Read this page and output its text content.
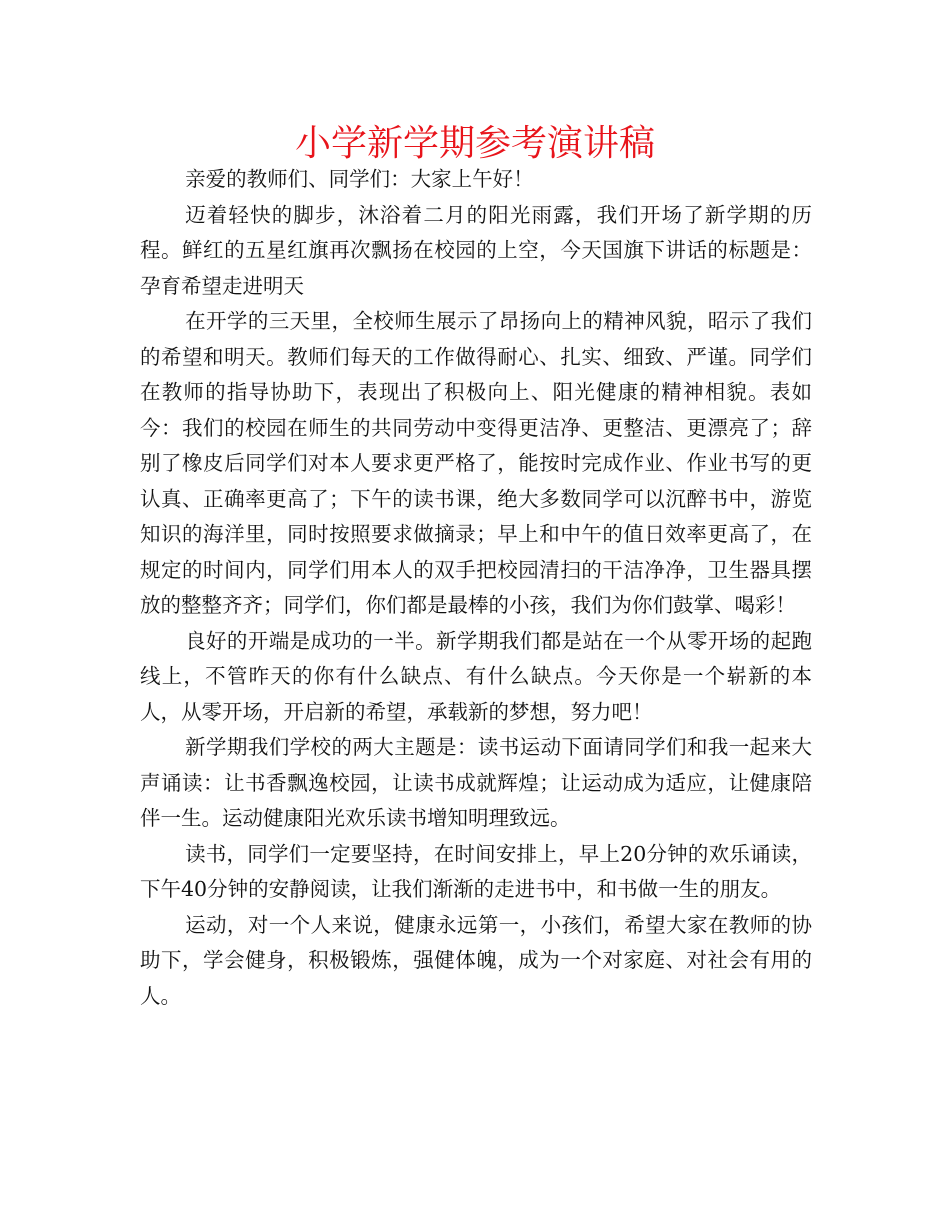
小学新学期参考演讲稿

亲爱的教师们、同学们：大家上午好！

迈着轻快的脚步，沐浴着二月的阳光雨露，我们开场了新学期的历程。鲜红的五星红旗再次飘扬在校园的上空，今天国旗下讲话的标题是：孕育希望走进明天

在开学的三天里，全校师生展示了昂扬向上的精神风貌，昭示了我们的希望和明天。教师们每天的工作做得耐心、扎实、细致、严谨。同学们在教师的指导协助下，表现出了积极向上、阳光健康的精神相貌。表如今：我们的校园在师生的共同劳动中变得更洁净、更整洁、更漂亮了；辞别了橡皮后同学们对本人要求更严格了，能按时完成作业、作业书写的更认真、正确率更高了；下午的读书课，绝大多数同学可以沉醉书中，游览知识的海洋里，同时按照要求做摘录；早上和中午的值日效率更高了，在规定的时间内，同学们用本人的双手把校园清扫的干洁净净，卫生器具摆放的整整齐齐；同学们，你们都是最棒的小孩，我们为你们鼓掌、喝彩！

良好的开端是成功的一半。新学期我们都是站在一个从零开场的起跑线上，不管昨天的你有什么缺点、有什么缺点。今天你是一个崭新的本人，从零开场，开启新的希望，承载新的梦想，努力吧！

新学期我们学校的两大主题是：读书运动下面请同学们和我一起来大声诵读：让书香飘逸校园，让读书成就辉煌；让运动成为适应，让健康陪伴一生。运动健康阳光欢乐读书增知明理致远。

读书，同学们一定要坚持，在时间安排上，早上20分钟的欢乐诵读，下午40分钟的安静阅读，让我们渐渐的走进书中，和书做一生的朋友。

运动，对一个人来说，健康永远第一，小孩们，希望大家在教师的协助下，学会健身，积极锻炼，强健体魄，成为一个对家庭、对社会有用的人。
